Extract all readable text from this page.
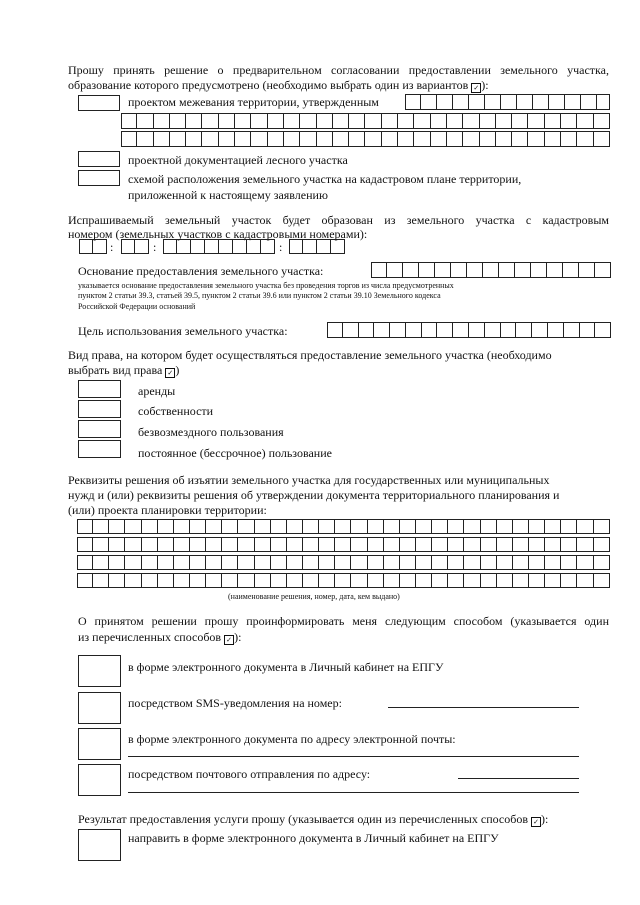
Прошу принять решение о предварительном согласовании предоставлении земельного участка,
образование которого предусмотрено (необходимо выбрать один из вариантов ✓ ):
проектом межевания территории, утвержденным
проектной документацией лесного участка
схемой расположения земельного участка на кадастровом плане территории,
приложенной к настоящему заявлению
Испрашиваемый земельный участок будет образован из земельного участка с кадастровым
номером (земельных участков с кадастровыми номерами):
:	:	:
Основание предоставления земельного участка:
указывается основание предоставления земельного участка без проведения торгов из числа предусмотренных
пунктом 2 статьи 39.3, статьей 39.5, пунктом 2 статьи 39.6 или пунктом 2 статьи 39.10 Земельного кодекса
Российской Федерации оснований
Цель использования земельного участка:
Вид права, на котором будет осуществляться предоставление земельного участка (необходимо
выбрать вид права ✓ )
аренды
собственности
безвозмездного пользования
постоянное (бессрочное) пользование
Реквизиты решения об изъятии земельного участка для государственных или муниципальных
нужд и (или) реквизиты решения об утверждении документа территориального планирования и
(или) проекта планировки территории:
(наименование решения, номер, дата, кем выдано)
О принятом решении прошу проинформировать меня следующим способом (указывается один
из перечисленных способов ✓ ):
в форме электронного документа в Личный кабинет на ЕПГУ
посредством SMS-уведомления на номер:
в форме электронного документа по адресу электронной почты:
посредством почтового отправления по адресу:
Результат предоставления услуги прошу (указывается один из перечисленных способов ✓ ):
направить в форме электронного документа в Личный кабинет на ЕПГУ
